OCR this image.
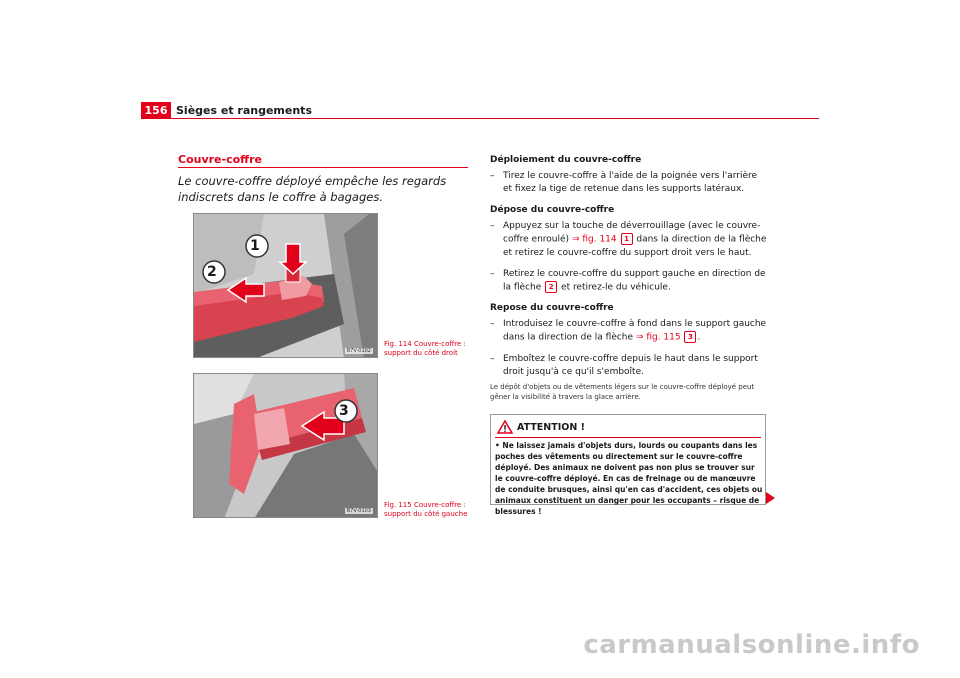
156 Sièges et rangements
Couvre-coffre
Le couvre-coffre déployé empêche les regards indiscrets dans le coffre à bagages.
1
2
B7V-0102
Fig. 114 Couvre-coffre :
support du côté droit
3
B7V-0103
Fig. 115 Couvre-coffre :
support du côté gauche

Déploiement du couvre-coffre

– Tirez le couvre-coffre à l'aide de la poignée vers l'arrière et fixez la tige de retenue dans les supports latéraux.

Dépose du couvre-coffre

– Appuyez sur la touche de déverrouillage (avec le couvre-coffre enroulé) ⇒ fig. 114 1 dans la direction de la flèche et retirez le couvre-coffre du support droit vers le haut.

– Retirez le couvre-coffre du support gauche en direction de la flèche 2 et retirez-le du véhicule.

Repose du couvre-coffre

– Introduisez le couvre-coffre à fond dans le support gauche dans la direction de la flèche ⇒ fig. 115 3 .

– Emboîtez le couvre-coffre depuis le haut dans le support droit jusqu'à ce qu'il s'emboîte.

Le dépôt d'objets ou de vêtements légers sur le couvre-coffre déployé peut gêner la visibilité à travers la glace arrière.
ATTENTION !
• Ne laissez jamais d'objets durs, lourds ou coupants dans les poches des vêtements ou directement sur le couvre-coffre déployé. Des animaux ne doivent pas non plus se trouver sur le couvre-coffre déployé. En cas de freinage ou de manœuvre de conduite brusques, ainsi qu'en cas d'accident, ces objets ou animaux constituent un danger pour les occupants – risque de blessures !
carmanualsonline.info
